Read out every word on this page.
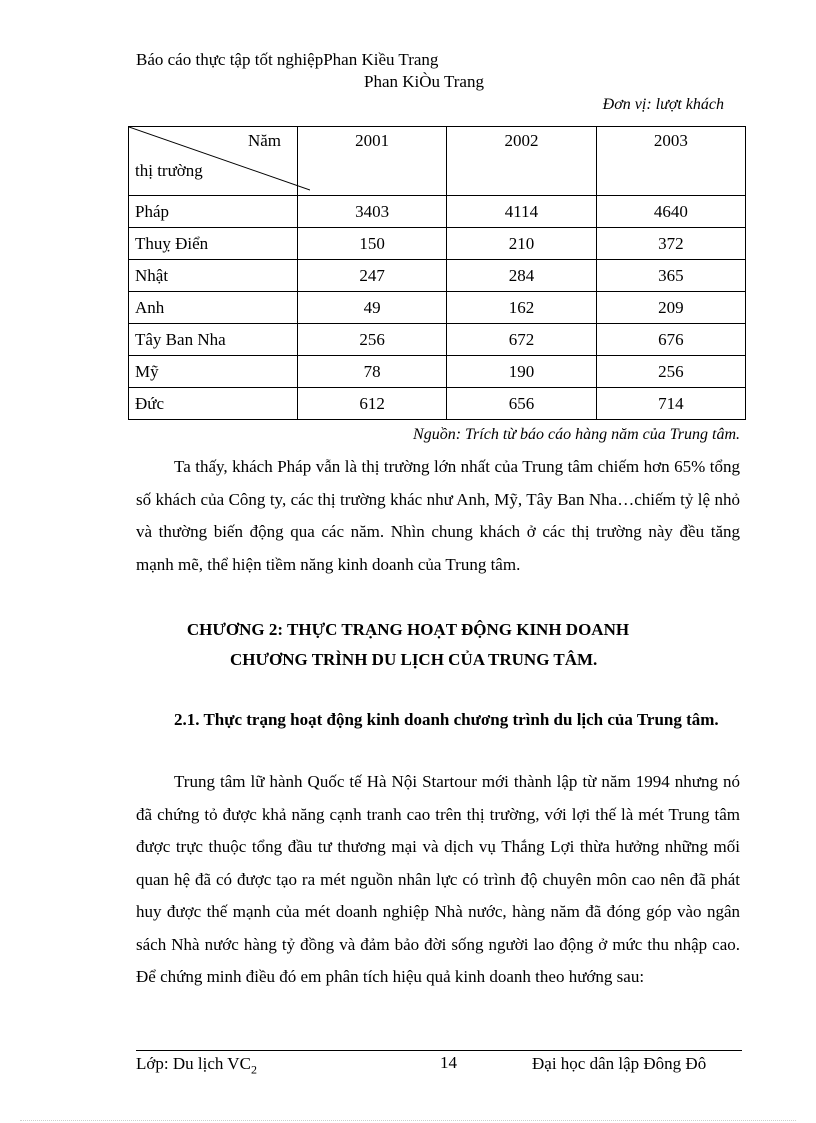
Báo cáo thực tập tốt nghiệpPhan Kiều Trang
Phan KiÒu Trang
Đơn vị: lượt khách
Năm
thị trường	2001	2002	2003
Pháp	3403	4114	4640
Thuỵ Điển	150	210	372
Nhật	247	284	365
Anh	49	162	209
Tây Ban Nha	256	672	676
Mỹ	78	190	256
Đức	612	656	714
Nguồn: Trích từ báo cáo hàng năm của Trung tâm.
Ta thấy, khách Pháp vẫn là thị trường lớn nhất của Trung tâm chiếm hơn 65% tổng số khách của Công ty, các thị trường khác như Anh, Mỹ, Tây Ban Nha…chiếm tỷ lệ nhỏ và thường biến động qua các năm. Nhìn chung khách ở các thị trường này đều tăng mạnh mẽ, thể hiện tiềm năng kinh doanh của Trung tâm.
CHƯƠNG 2: THỰC TRẠNG HOẠT ĐỘNG KINH DOANH
CHƯƠNG TRÌNH DU LỊCH CỦA TRUNG TÂM.
2.1. Thực trạng hoạt động kinh doanh chương trình du lịch của Trung tâm.
Trung tâm lữ hành Quốc tế Hà Nội Startour mới thành lập từ năm 1994 nhưng nó đã chứng tỏ được khả năng cạnh tranh cao trên thị trường, với lợi thế là mét Trung tâm được trực thuộc tổng đầu tư thương mại và dịch vụ Thắng Lợi thừa hưởng những mối quan hệ đã có được tạo ra mét nguồn nhân lực có trình độ chuyên môn cao nên đã phát huy được thế mạnh của mét doanh nghiệp Nhà nước, hàng năm đã đóng góp vào ngân sách Nhà nước hàng tỷ đồng và đảm bảo đời sống người lao động ở mức thu nhập cao. Để chứng minh điều đó em phân tích hiệu quả kinh doanh theo hướng sau:
Lớp: Du lịch $VC_2$	14	Đại học dân lập Đông Đô
